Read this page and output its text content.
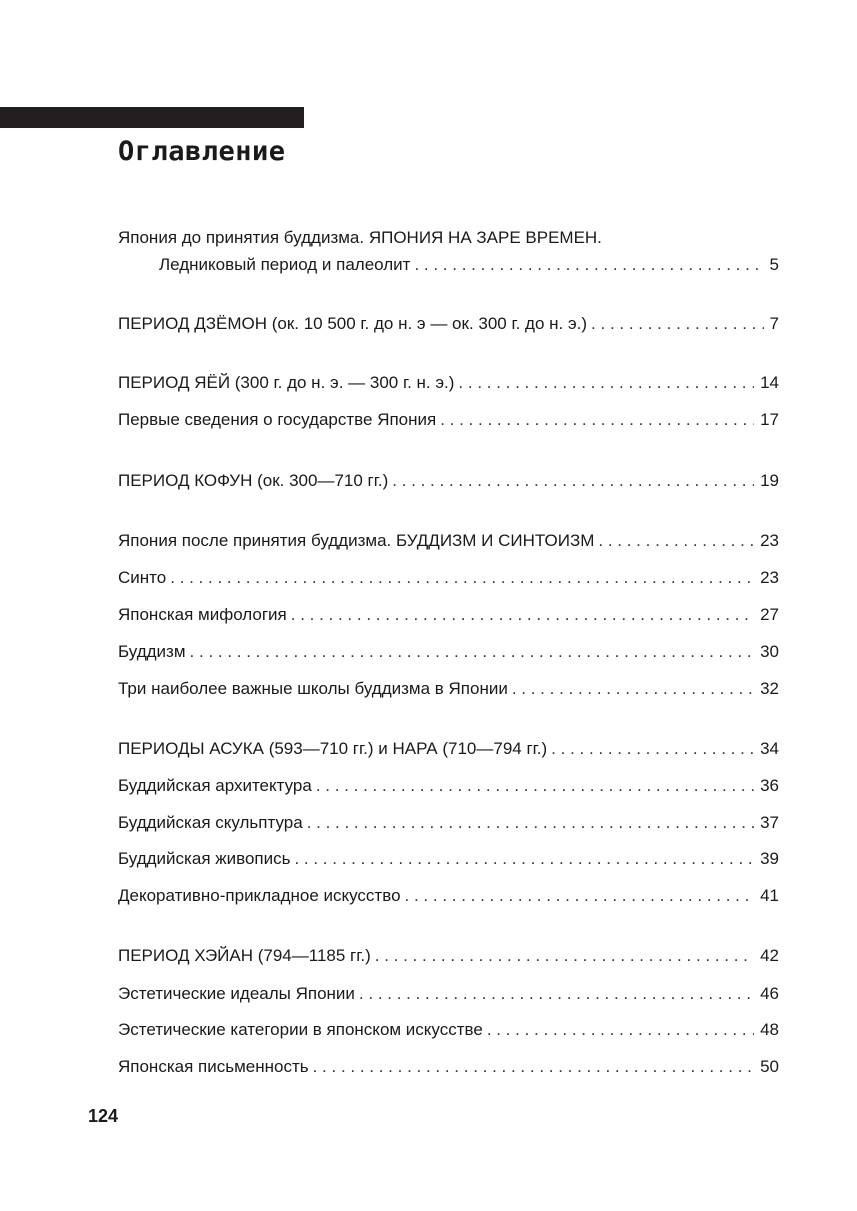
Оглавление
Япония до принятия буддизма. ЯПОНИЯ НА ЗАРЕ ВРЕМЕН.
Ледниковый период и палеолит . . .	5
ПЕРИОД ДЗЁМОН (ок. 10 500 г. до н. э — ок. 300 г. до н. э.) . . .	7
ПЕРИОД ЯЁЙ (300 г. до н. э. — 300 г. н. э.) . . .	14
Первые сведения о государстве Япония . . .	17
ПЕРИОД КОФУН (ок. 300—710 гг.) . . .	19
Япония после принятия буддизма. БУДДИЗМ И СИНТОИЗМ . . .	23
Синто . . .	23
Японская мифология . . .	27
Буддизм . . .	30
Три наиболее важные школы буддизма в Японии . . .	32
ПЕРИОДЫ АСУКА (593—710 гг.) и НАРА (710—794 гг.) . . .	34
Буддийская архитектура . . .	36
Буддийская скульптура . . .	37
Буддийская живопись . . .	39
Декоративно-прикладное искусство . . .	41
ПЕРИОД ХЭЙАН (794—1185 гг.) . . .	42
Эстетические идеалы Японии . . .	46
Эстетические категории в японском искусстве . . .	48
Японская письменность . . .	50
124
